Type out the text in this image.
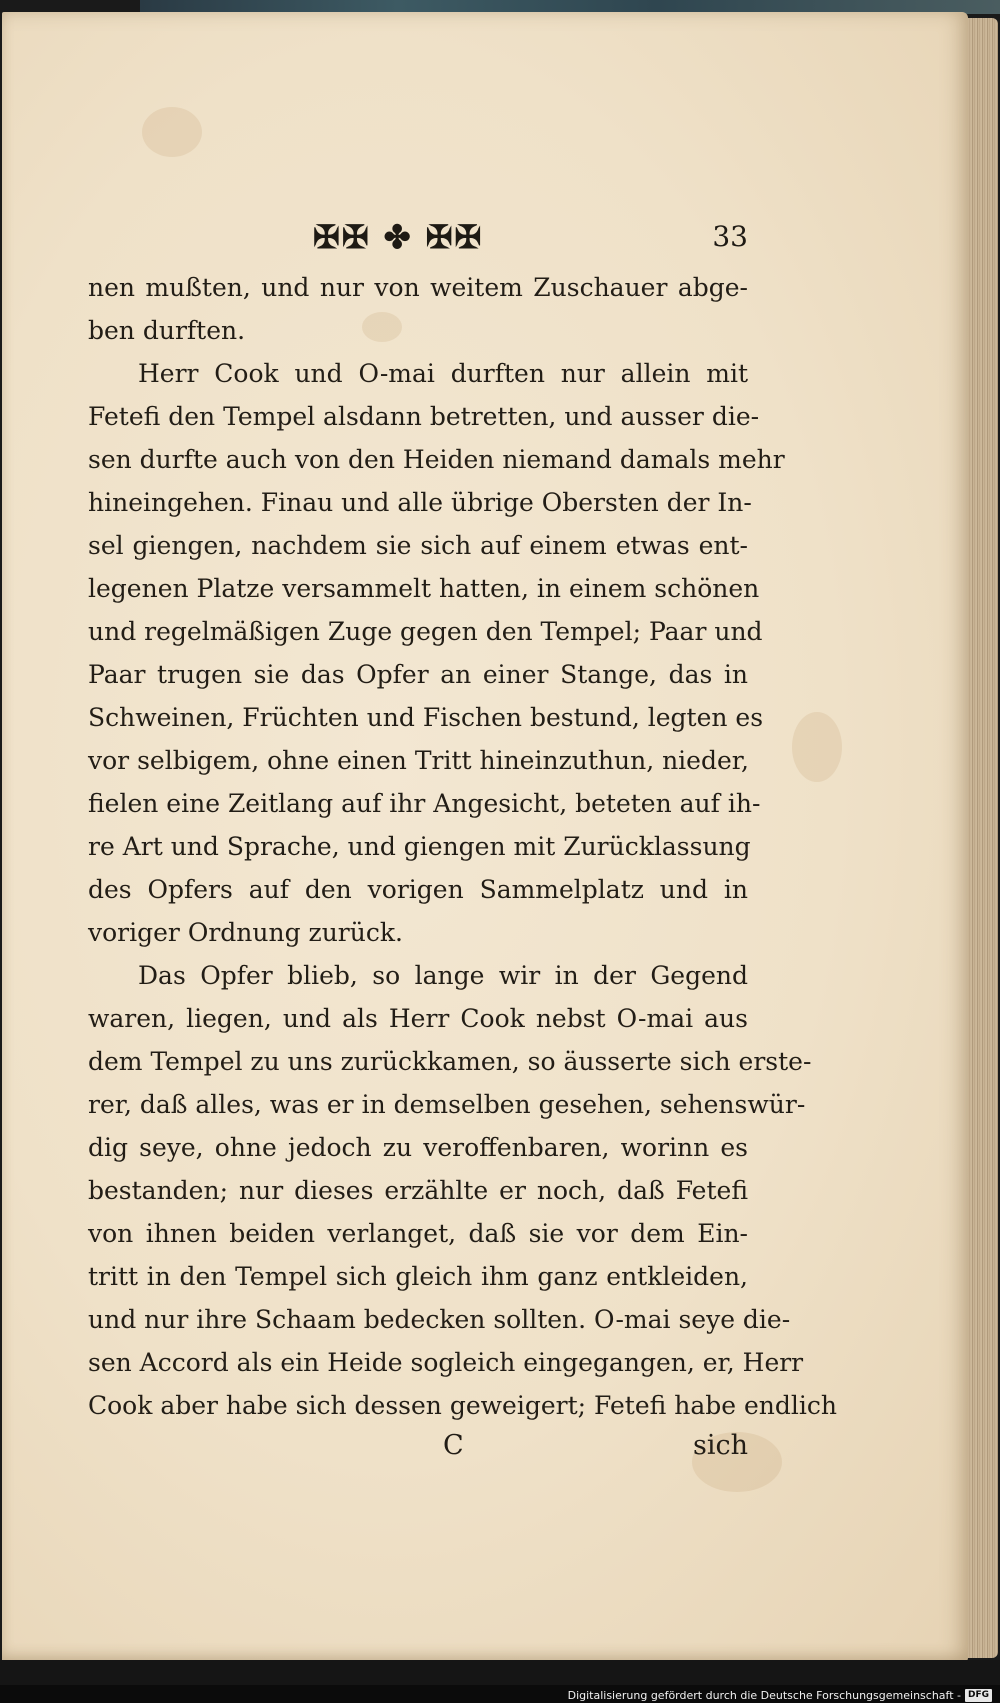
✠✠ ✤ ✠✠	33
nen mußten, und nur von weitem Zuschauer abge-
ben durften.
Herr Cook und O-mai durften nur allein mit
Fetefi den Tempel alsdann betretten, und ausser die-
sen durfte auch von den Heiden niemand damals mehr
hineingehen. Finau und alle übrige Obersten der In-
sel giengen, nachdem sie sich auf einem etwas ent-
legenen Platze versammelt hatten, in einem schönen
und regelmäßigen Zuge gegen den Tempel; Paar und
Paar trugen sie das Opfer an einer Stange, das in
Schweinen, Früchten und Fischen bestund, legten es
vor selbigem, ohne einen Tritt hineinzuthun, nieder,
fielen eine Zeitlang auf ihr Angesicht, beteten auf ih-
re Art und Sprache, und giengen mit Zurücklassung
des Opfers auf den vorigen Sammelplatz und in
voriger Ordnung zurück.
Das Opfer blieb, so lange wir in der Gegend
waren, liegen, und als Herr Cook nebst O-mai aus
dem Tempel zu uns zurückkamen, so äusserte sich erste-
rer, daß alles, was er in demselben gesehen, sehenswür-
dig seye, ohne jedoch zu veroffenbaren, worinn es
bestanden; nur dieses erzählte er noch, daß Fetefi
von ihnen beiden verlanget, daß sie vor dem Ein-
tritt in den Tempel sich gleich ihm ganz entkleiden,
und nur ihre Schaam bedecken sollten. O-mai seye die-
sen Accord als ein Heide sogleich eingegangen, er, Herr
Cook aber habe sich dessen geweigert; Fetefi habe endlich
C	sich
Digitalisierung gefördert durch die Deutsche Forschungsgemeinschaft - DFG
